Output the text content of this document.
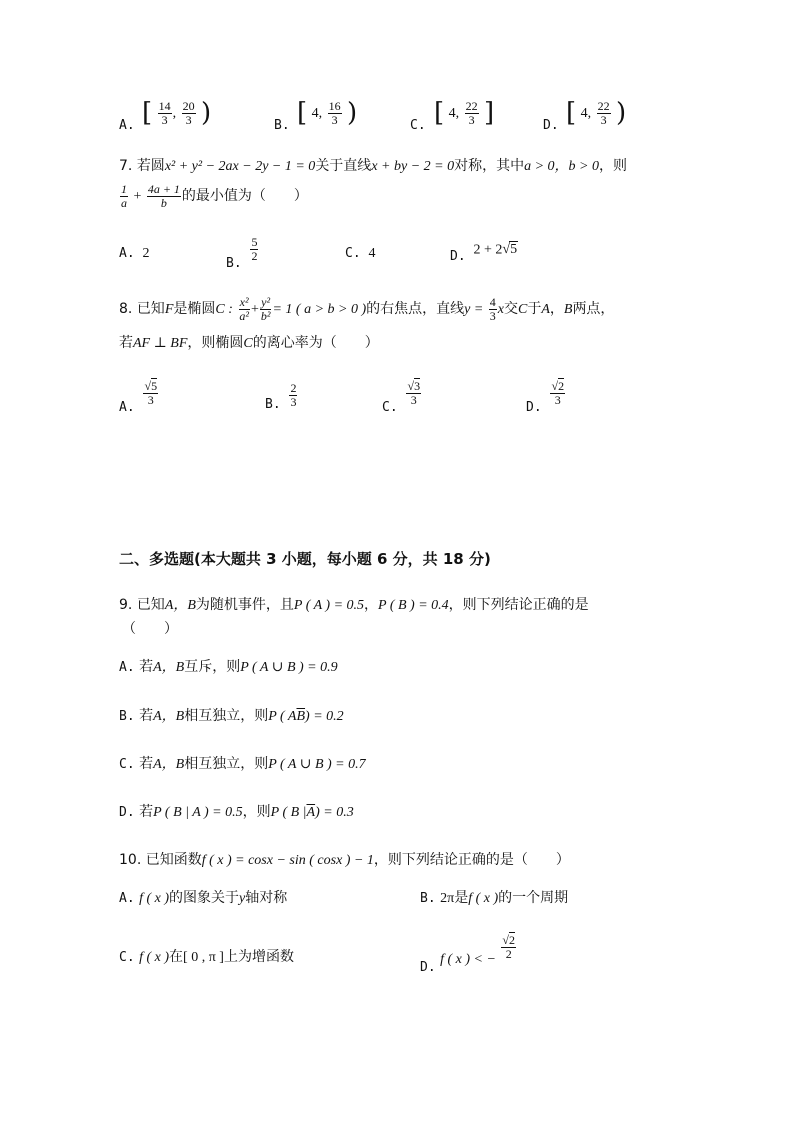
A. [ $\frac{14}{3}$ , $\frac{20}{3}$ )	B. [ 4, $\frac{16}{3}$ )	C. [ 4, $\frac{22}{3}$ ]	D. [ 4, $\frac{22}{3}$ )
7. 若圆x² + y² − 2ax − 2y − 1 = 0关于直线x + by − 2 = 0对称，其中a > 0，b > 0，则
$\frac{1}{a} + \frac{4a + 1}{b}$ 的最小值为（　　）
A. 2
B.
$\frac{5}{2}$	C. 4	D. 2 + 2√5
8. 已知F是椭圆C : $\frac{\text{x²}}{\text{a²}} + \frac{\text{y²}}{\text{b²}} = 1$ ( a > b > 0 )的右焦点，直线$y = \frac{4}{3}$ x交C于A，B两点，
若AF ⊥ BF，则椭圆C的离心率为（　　）
A.
$\frac{√5}{3}$	B. $\frac{2}{3}$	C.
$\frac{√3}{3}$
D.
$\frac{√2}{3}$
二、多选题(本大题共 3 小题，每小题 6 分，共 18 分)
9. 已知A，B为随机事件，且P ( A ) = 0.5，P ( B ) = 0.4，则下列结论正确的是
（　　）
A. 若A，B互斥，则P ( A ∪ B ) = 0.9
B. 若A，B相互独立，则P ( $A\overline{B}) = 0.2$
C. 若A，B相互独立，则P ( A ∪ B ) = 0.7
D. 若P ( B | A ) = 0.5，则P ( B $|\overline{A}) = 0.3$
10. 已知函数f ( x ) = cosx − sin ( cosx ) − 1，则下列结论正确的是（　　）
A. f ( x )的图象关于y轴对称	B. 2π是f ( x )的一个周期
C. f ( x )在[ 0 , π ]上为增函数
D. f ( x ) < − $\frac{√2}{2}$
